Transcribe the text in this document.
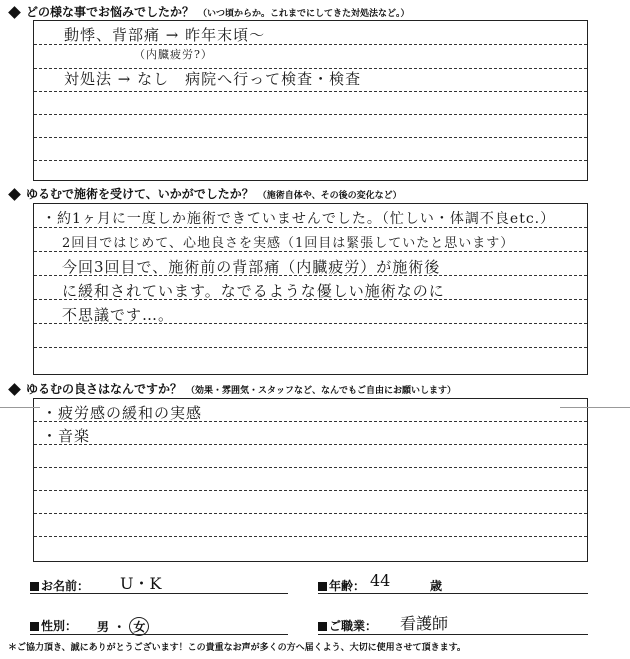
どの様な事でお悩みでしたか？ （いつ頃からか。これまでにしてきた対処法など。）
動悸、背部痛 → 昨年末頃〜
（内臓疲労?）
対処法 → なし　病院へ行って検査・検査
ゆるむで施術を受けて、いかがでしたか？ （施術自体や、その後の変化など）
・約1ヶ月に一度しか施術できていませんでした。（忙しい・体調不良etc.）
2回目ではじめて、心地良さを実感（1回目は緊張していたと思います）
今回3回目で、施術前の背部痛（内臓疲労）が施術後
に緩和されています。なでるような優しい施術なのに
不思議です…。
ゆるむの良さはなんですか？ （効果・雰囲気・スタッフなど、なんでもご自由にお願いします）
・疲労感の緩和の実感
・音楽
お名前： U・K	年齢： 44	歳
性別： 男 ・ 女	ご職業： 看護師
＊ご協力頂き、誠にありがとうございます！この貴重なお声が多くの方へ届くよう、大切に使用させて頂きます。
